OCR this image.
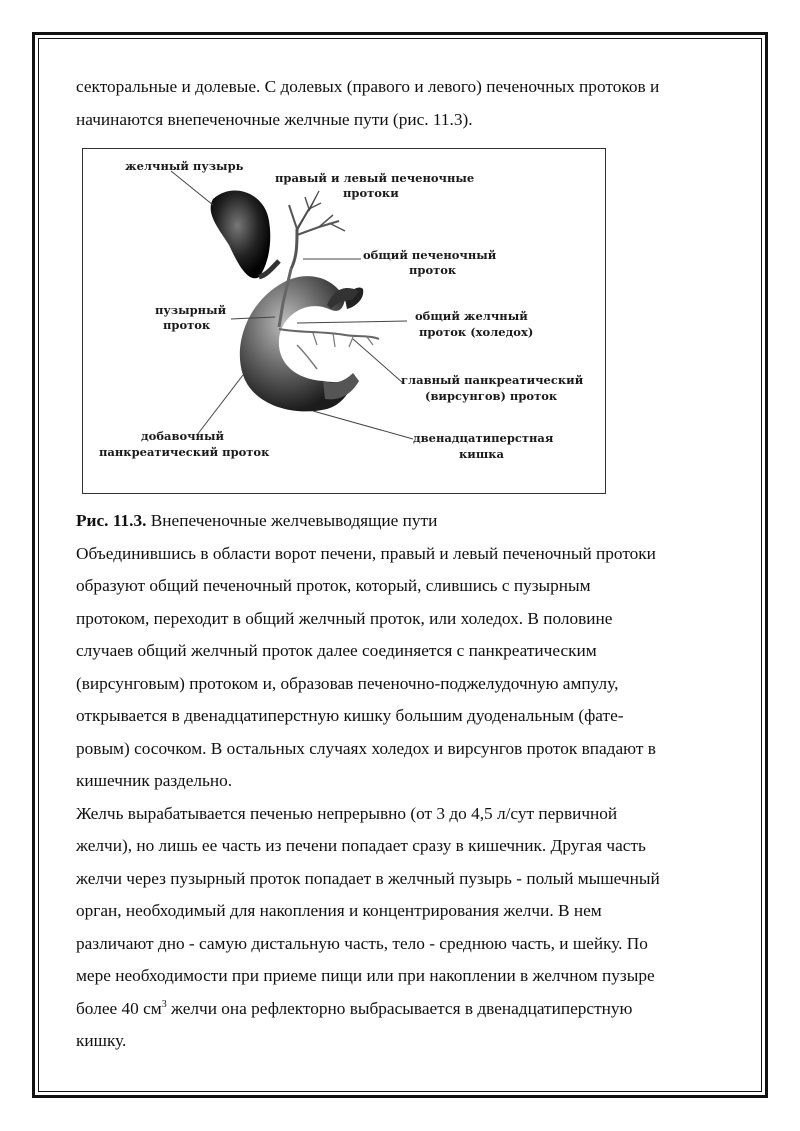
секторальные и долевые. С долевых (правого и левого) печеночных протоков и
начинаются внепеченочные желчные пути (рис. 11.3).
желчный пузырь
правый и левый печеночные
протоки
общий печеночный
проток
пузырный
проток
общий желчный
проток (холедох)
главный панкреатический
(вирсунгов) проток
добавочный
панкреатический проток
двенадцатиперстная
кишка
Рис. 11.3. Внепеченочные желчевыводящие пути
Объединившись в области ворот печени, правый и левый печеночный протоки
образуют общий печеночный проток, который, слившись с пузырным
протоком, переходит в общий желчный проток, или холедох. В половине
случаев общий желчный проток далее соединяется с панкреатическим
(вирсунговым) протоком и, образовав печеночно-поджелудочную ампулу,
открывается в двенадцатиперстную кишку большим дуоденальным (фате-
ровым) сосочком. В остальных случаях холедох и вирсунгов проток впадают в
кишечник раздельно.
Желчь вырабатывается печенью непрерывно (от 3 до 4,5 л/сут первичной
желчи), но лишь ее часть из печени попадает сразу в кишечник. Другая часть
желчи через пузырный проток попадает в желчный пузырь - полый мышечный
орган, необходимый для накопления и концентрирования желчи. В нем
различают дно - самую дистальную часть, тело - среднюю часть, и шейку. По
мере необходимости при приеме пищи или при накоплении в желчном пузыре
более 40 $см^3$ желчи она рефлекторно выбрасывается в двенадцатиперстную
кишку.
